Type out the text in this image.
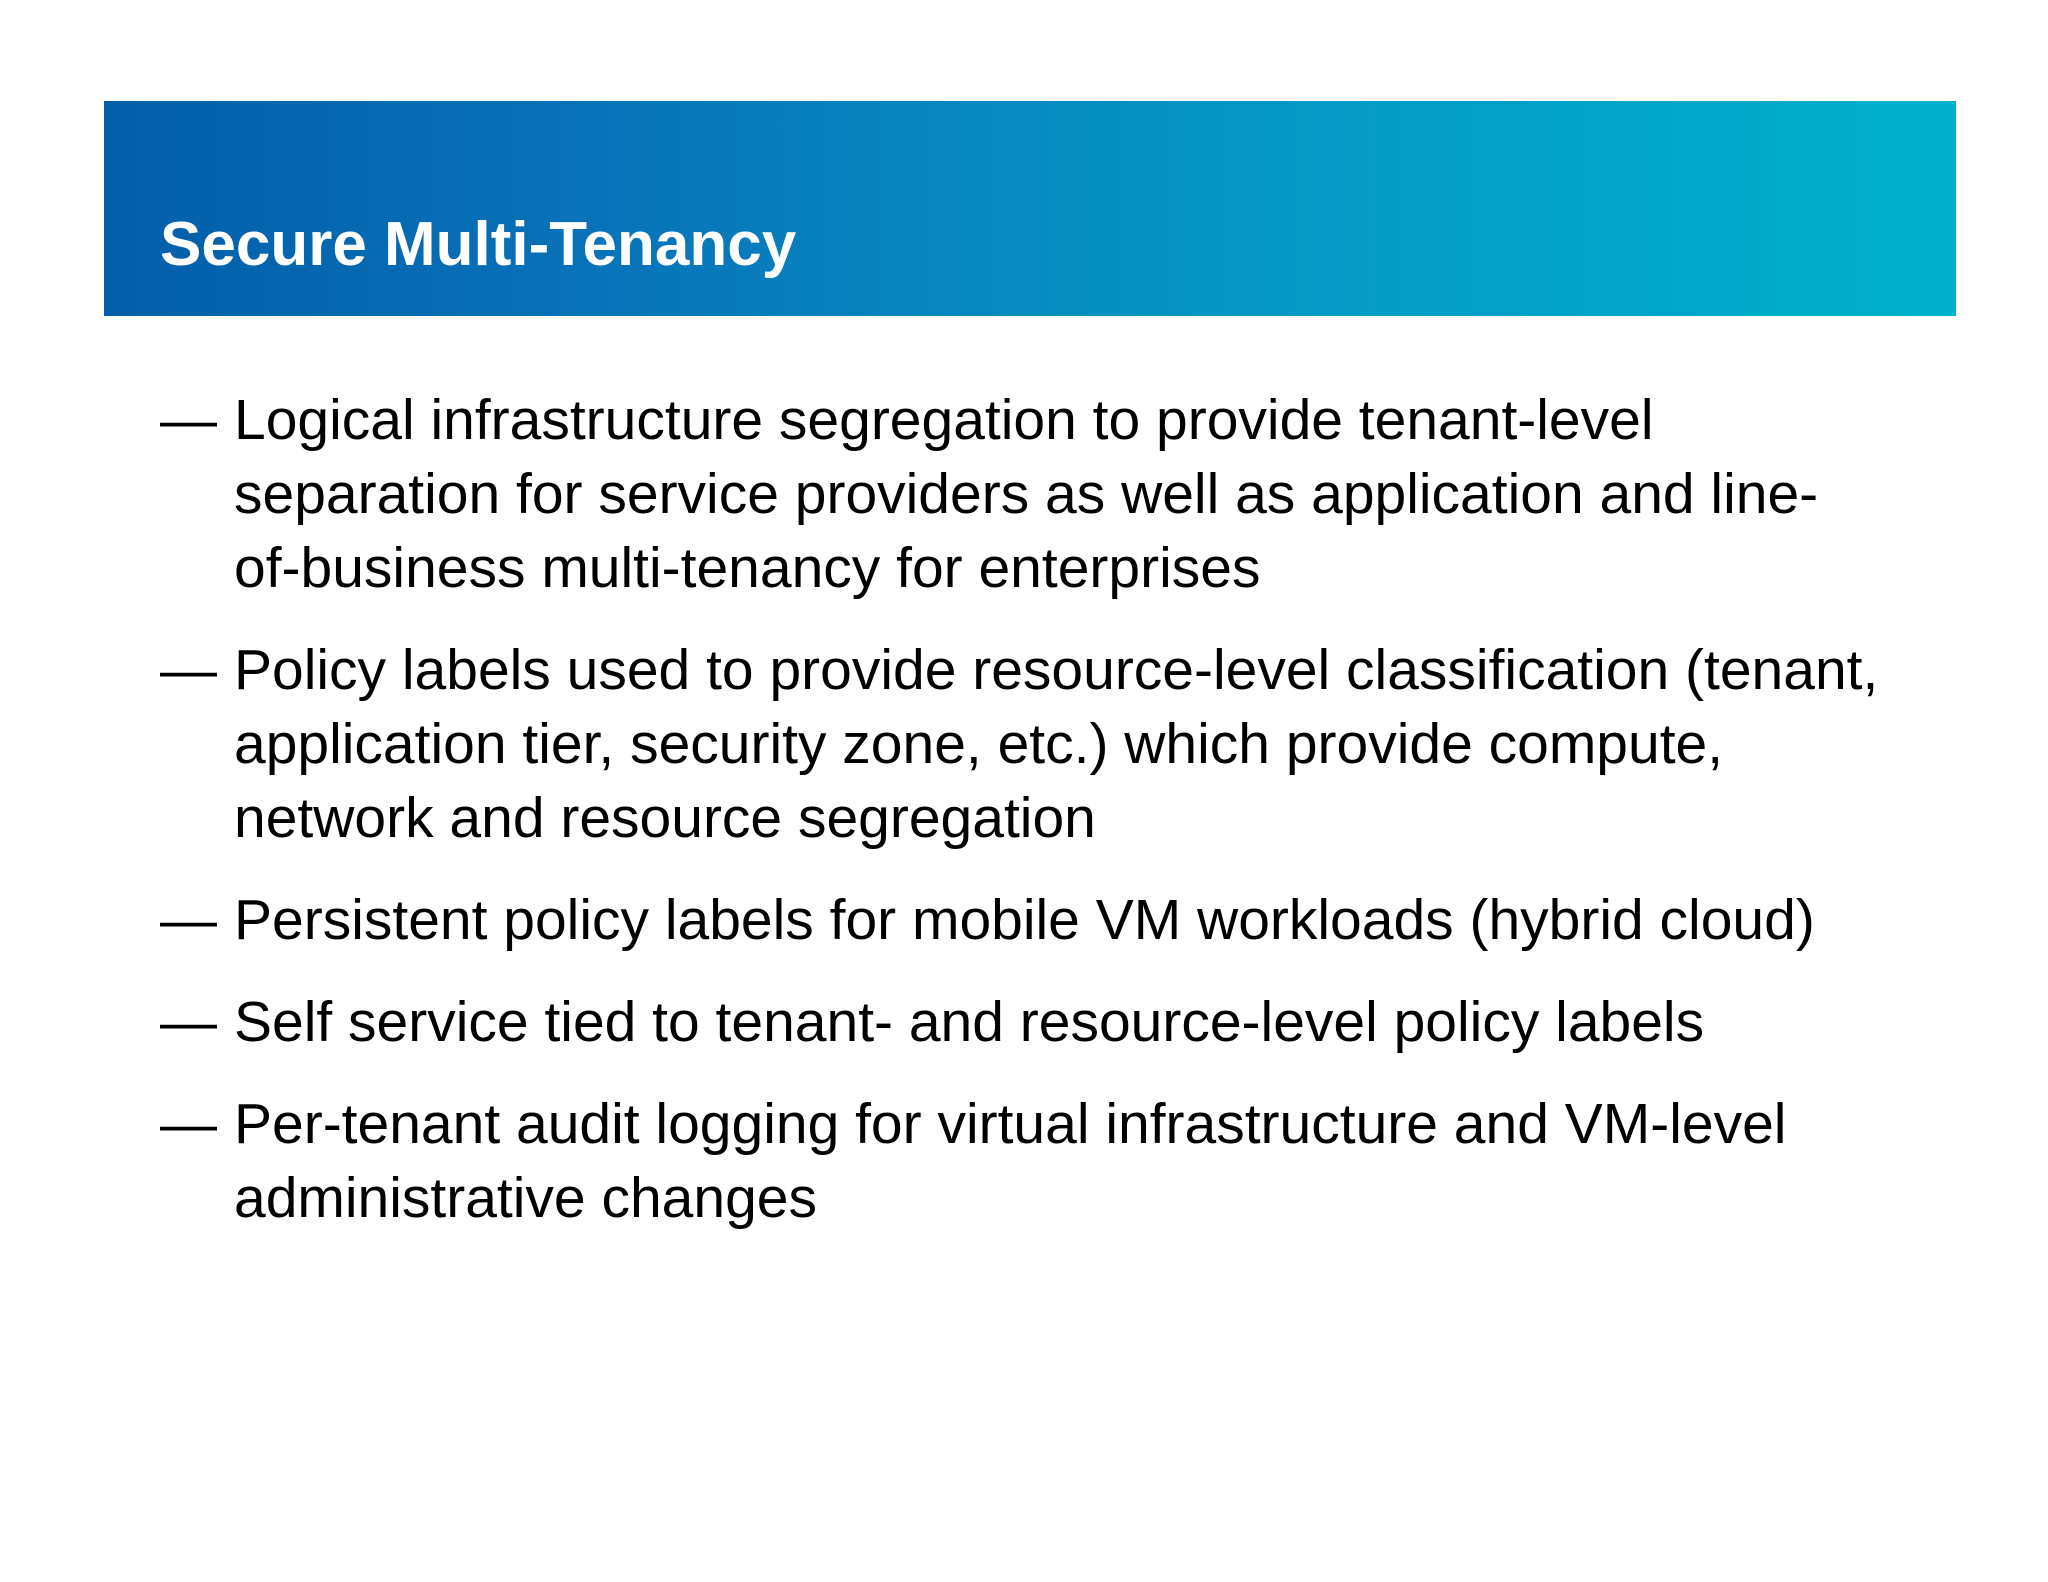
Secure Multi-Tenancy
— Logical infrastructure segregation to provide tenant-level separation for service providers as well as application and line-of-business multi-tenancy for enterprises
— Policy labels used to provide resource-level classification (tenant, application tier, security zone, etc.) which provide compute, network and resource segregation
— Persistent policy labels for mobile VM workloads (hybrid cloud)
— Self service tied to tenant- and resource-level policy labels
— Per-tenant audit logging for virtual infrastructure and VM-level administrative changes
